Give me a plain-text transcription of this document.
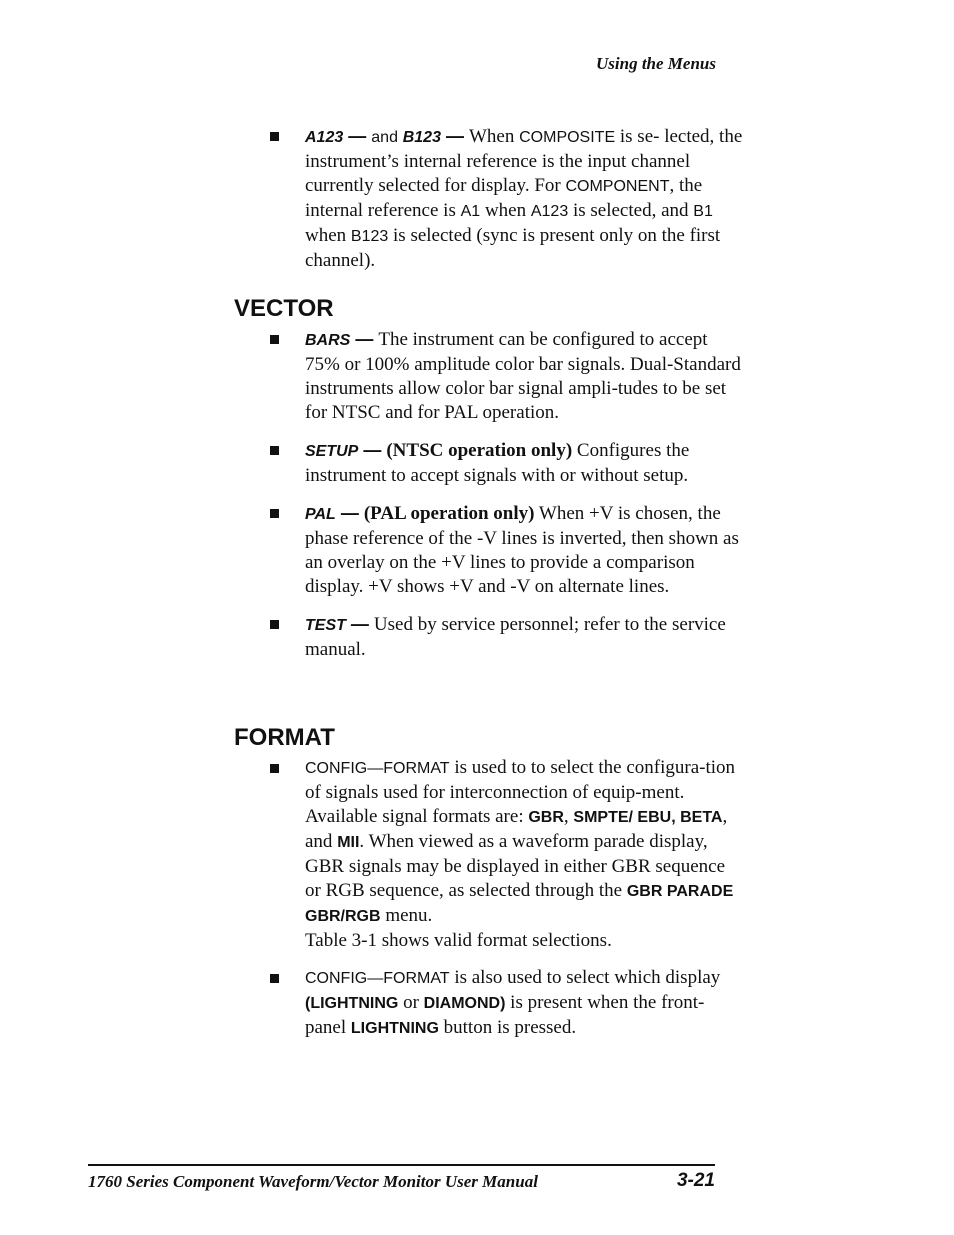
Using the Menus
A123 — and B123 — When COMPOSITE is se- lected, the instrument’s internal reference is the input channel currently selected for display. For COMPONENT, the internal reference is A1 when A123 is selected, and B1 when B123 is selected (sync is present only on the first channel).
VECTOR
BARS — The instrument can be configured to accept 75% or 100% amplitude color bar signals. Dual-Standard instruments allow color bar signal ampli-tudes to be set for NTSC and for PAL operation.
SETUP — (NTSC operation only) Configures the instrument to accept signals with or without setup.
PAL — (PAL operation only) When +V is chosen, the phase reference of the -V lines is inverted, then shown as an overlay on the +V lines to provide a comparison display. +V shows +V and -V on alternate lines.
TEST — Used by service personnel; refer to the service manual.
FORMAT
CONFIG—FORMAT is used to to select the configura-tion of signals used for interconnection of equip-ment. Available signal formats are: GBR, SMPTE/ EBU, BETA, and MII. When viewed as a waveform parade display, GBR signals may be displayed in either GBR sequence or RGB sequence, as selected through the GBR PARADE GBR/RGB menu.
Table 3-1 shows valid format selections.
CONFIG—FORMAT is also used to select which display (LIGHTNING or DIAMOND) is present when the front-panel LIGHTNING button is pressed.
1760 Series Component Waveform/Vector Monitor User Manual	3-21
